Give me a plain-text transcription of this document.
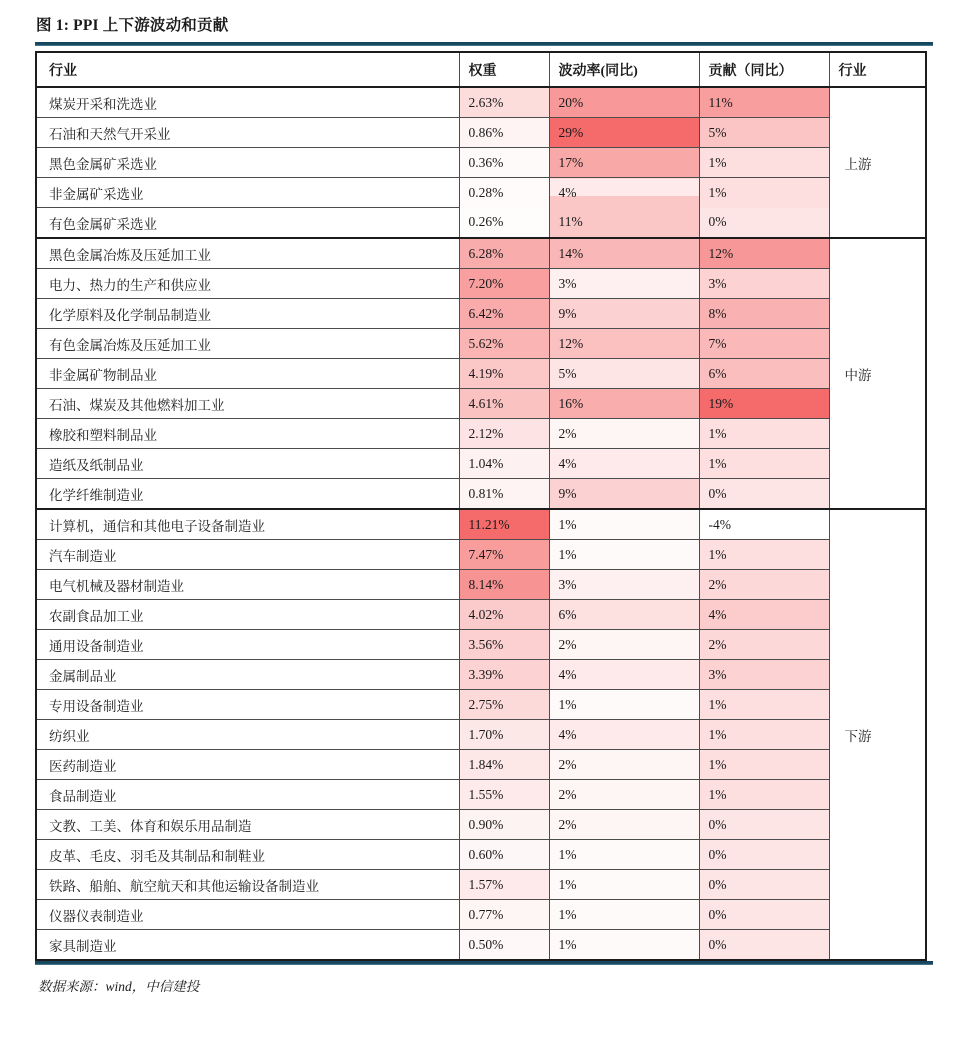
图 1: PPI 上下游波动和贡献
行业	权重	波动率(同比)	贡献（同比）	行业
煤炭开采和洗选业	2.63%	20%	11%	上游
石油和天然气开采业	0.86%	29%	5%	
黑色金属矿采选业	0.36%	17%	1%	
非金属矿采选业	0.28%	4%	1%	
有色金属矿采选业	0.26%	11%	0%	
黑色金属冶炼及压延加工业	6.28%	14%	12%	中游
电力、热力的生产和供应业	7.20%	3%	3%	
化学原料及化学制品制造业	6.42%	9%	8%	
有色金属冶炼及压延加工业	5.62%	12%	7%	
非金属矿物制品业	4.19%	5%	6%	
石油、煤炭及其他燃料加工业	4.61%	16%	19%	
橡胶和塑料制品业	2.12%	2%	1%	
造纸及纸制品业	1.04%	4%	1%	
化学纤维制造业	0.81%	9%	0%	
计算机，通信和其他电子设备制造业	11.21%	1%	-4%	下游
汽车制造业	7.47%	1%	1%	
电气机械及器材制造业	8.14%	3%	2%	
农副食品加工业	4.02%	6%	4%	
通用设备制造业	3.56%	2%	2%	
金属制品业	3.39%	4%	3%	
专用设备制造业	2.75%	1%	1%	
纺织业	1.70%	4%	1%	
医药制造业	1.84%	2%	1%	
食品制造业	1.55%	2%	1%	
文教、工美、体育和娱乐用品制造	0.90%	2%	0%	
皮革、毛皮、羽毛及其制品和制鞋业	0.60%	1%	0%	
铁路、船舶、航空航天和其他运输设备制造业	1.57%	1%	0%	
仪器仪表制造业	0.77%	1%	0%	
家具制造业	0.50%	1%	0%	
数据来源：wind，中信建投
